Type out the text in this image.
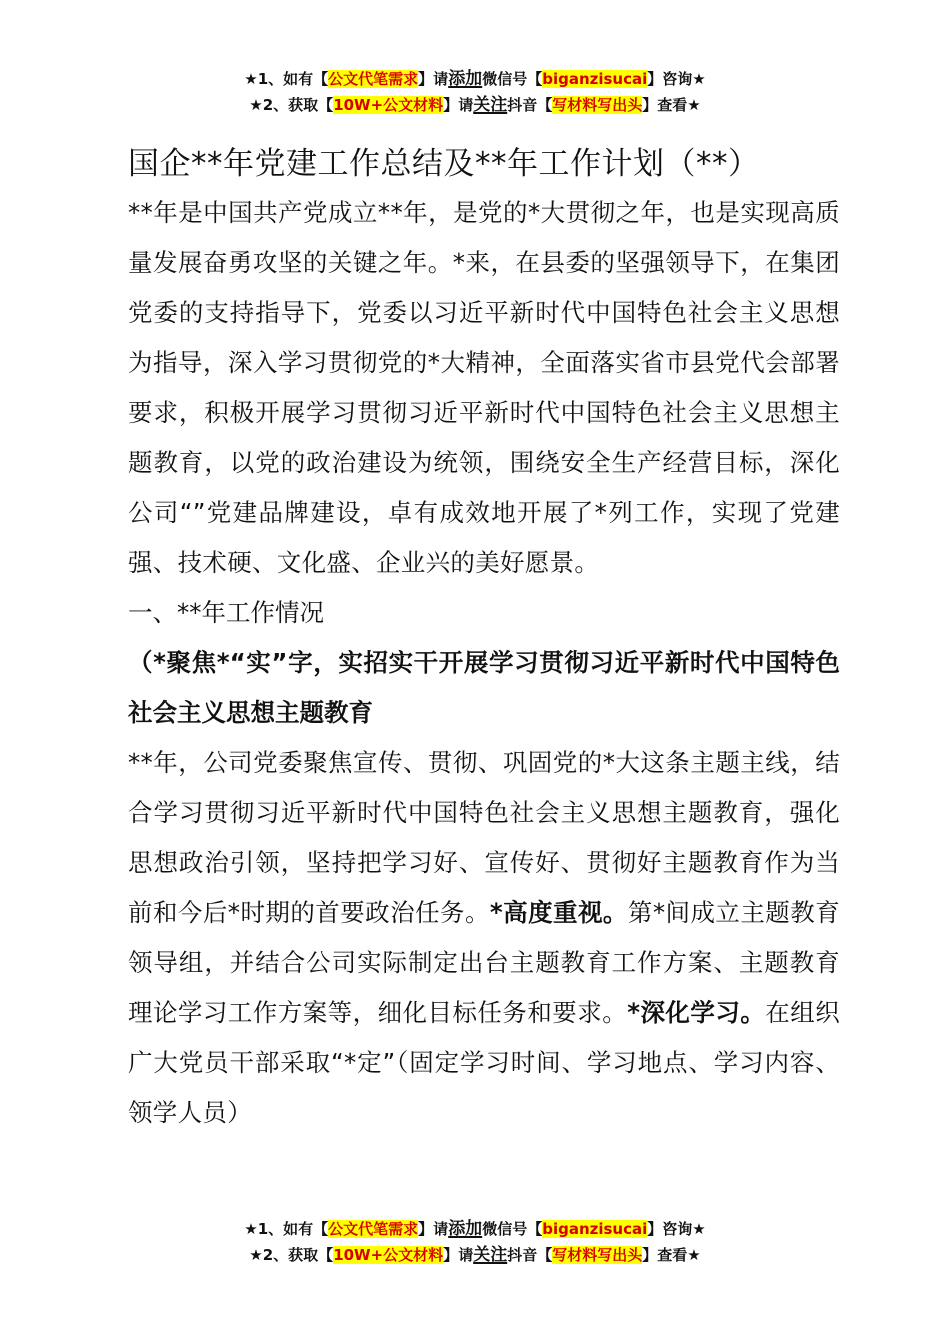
★1、如有【公文代笔需求】请添加微信号【biganzisucai】咨询★
★2、获取【10W+公文材料】请关注抖音【写材料写出头】查看★
国企**年党建工作总结及**年工作计划（**）

**年是中国共产党成立**年，是党的*大贯彻之年，也是实现高质量发展奋勇攻坚的关键之年。*来，在县委的坚强领导下，在集团党委的支持指导下，党委以习近平新时代中国特色社会主义思想为指导，深入学习贯彻党的*大精神，全面落实省市县党代会部署要求，积极开展学习贯彻习近平新时代中国特色社会主义思想主题教育，以党的政治建设为统领，围绕安全生产经营目标，深化公司“”党建品牌建设，卓有成效地开展了*列工作，实现了党建强、技术硬、文化盛、企业兴的美好愿景。

一、**年工作情况

（*聚焦*“实”字，实招实干开展学习贯彻习近平新时代中国特色社会主义思想主题教育

**年，公司党委聚焦宣传、贯彻、巩固党的*大这条主题主线，结合学习贯彻习近平新时代中国特色社会主义思想主题教育，强化思想政治引领，坚持把学习好、宣传好、贯彻好主题教育作为当前和今后*时期的首要政治任务。*高度重视。第*间成立主题教育领导组，并结合公司实际制定出台主题教育工作方案、主题教育理论学习工作方案等，细化目标任务和要求。*深化学习。在组织广大党员干部采取“*定”（固定学习时间、学习地点、学习内容、领学人员）

★1、如有【公文代笔需求】请添加微信号【biganzisucai】咨询★
★2、获取【10W+公文材料】请关注抖音【写材料写出头】查看★
